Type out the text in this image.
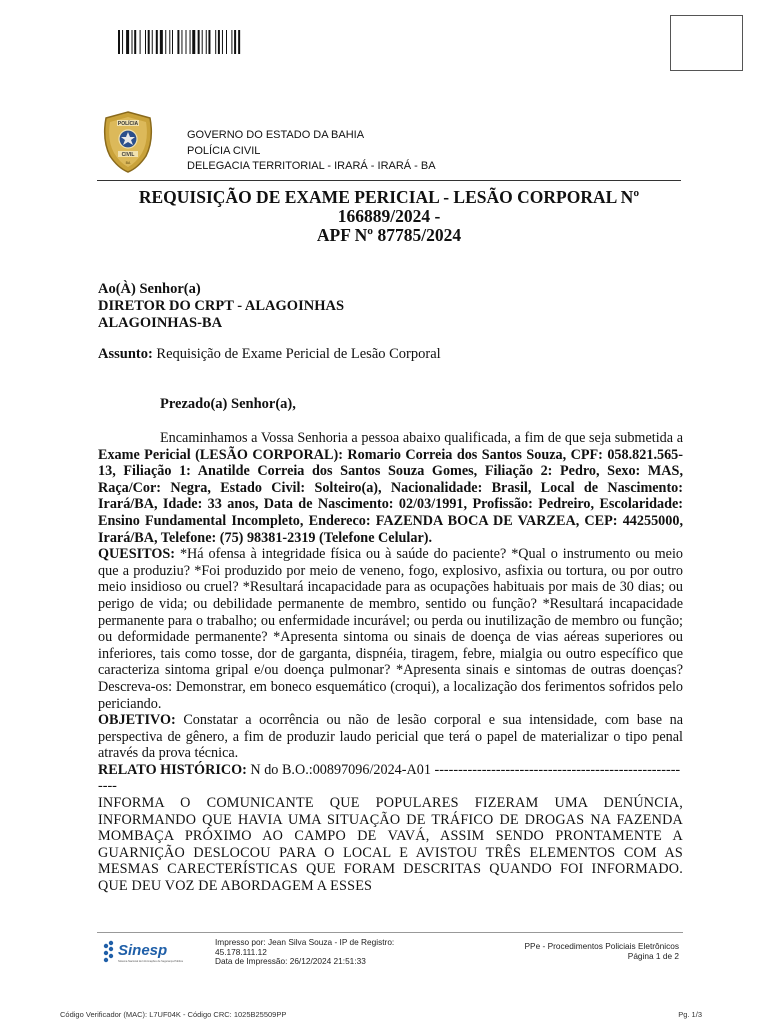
POLÍCIA
CIVIL
BA
GOVERNO DO ESTADO DA BAHIA
POLÍCIA CIVIL
DELEGACIA TERRITORIAL - IRARÁ - IRARÁ - BA
REQUISIÇÃO DE EXAME PERICIAL - LESÃO CORPORAL Nº
166889/2024 -
APF Nº 87785/2024
Ao(À) Senhor(a)
DIRETOR DO CRPT - ALAGOINHAS
ALAGOINHAS-BA
Assunto: Requisição de Exame Pericial de Lesão Corporal
Prezado(a) Senhor(a),

Encaminhamos a Vossa Senhoria a pessoa abaixo qualificada, a fim de que seja submetida a Exame Pericial (LESÃO CORPORAL): Romario Correia dos Santos Souza, CPF: 058.821.565-13, Filiação 1: Anatilde Correia dos Santos Souza Gomes, Filiação 2: Pedro, Sexo: MAS, Raça/Cor: Negra, Estado Civil: Solteiro(a), Nacionalidade: Brasil, Local de Nascimento: Irará/BA, Idade: 33 anos, Data de Nascimento: 02/03/1991, Profissão: Pedreiro, Escolaridade: Ensino Fundamental Incompleto, Endereco: FAZENDA BOCA DE VARZEA, CEP: 44255000, Irará/BA, Telefone: (75) 98381-2319 (Telefone Celular).

QUESITOS: *Há ofensa à integridade física ou à saúde do paciente? *Qual o instrumento ou meio que a produziu? *Foi produzido por meio de veneno, fogo, explosivo, asfixia ou tortura, ou por outro meio insidioso ou cruel? *Resultará incapacidade para as ocupações habituais por mais de 30 dias; ou perigo de vida; ou debilidade permanente de membro, sentido ou função? *Resultará incapacidade permanente para o trabalho; ou enfermidade incurável; ou perda ou inutilização de membro ou função; ou deformidade permanente? *Apresenta sintoma ou sinais de doença de vias aéreas superiores ou inferiores, tais como tosse, dor de garganta, dispnéia, tiragem, febre, mialgia ou outro específico que caracteriza sintoma gripal e/ou doença pulmonar? *Apresenta sinais e sintomas de outras doenças? Descreva-os: Demonstrar, em boneco esquemático (croqui), a localização dos ferimentos sofridos pelo periciando.

OBJETIVO: Constatar a ocorrência ou não de lesão corporal e sua intensidade, com base na perspectiva de gênero, a fim de produzir laudo pericial que terá o papel de materializar o tipo penal através da prova técnica.

RELATO HISTÓRICO: N do B.O.:00897096/2024-A01 --------------------------------------------------------

INFORMA O COMUNICANTE QUE POPULARES FIZERAM UMA DENÚNCIA, INFORMANDO QUE HAVIA UMA SITUAÇÃO DE TRÁFICO DE DROGAS NA FAZENDA MOMBAÇA PRÓXIMO AO CAMPO DE VAVÁ, ASSIM SENDO PRONTAMENTE A GUARNIÇÃO DESLOCOU PARA O LOCAL E AVISTOU TRÊS ELEMENTOS COM AS MESMAS CARECTERÍSTICAS QUE FORAM DESCRITAS QUANDO FOI INFORMADO. QUE DEU VOZ DE ABORDAGEM A ESSES

Sinesp
Sistema Nacional de Informações de Segurança Pública
Impresso por: Jean Silva Souza - IP de Registro:
45.178.111.12
Data de Impressão: 26/12/2024 21:51:33
PPe - Procedimentos Policiais Eletrônicos
Página 1 de 2
Código Verificador (MAC): L7UF04K - Código CRC: 1025B25509PP	Pg. 1/3
